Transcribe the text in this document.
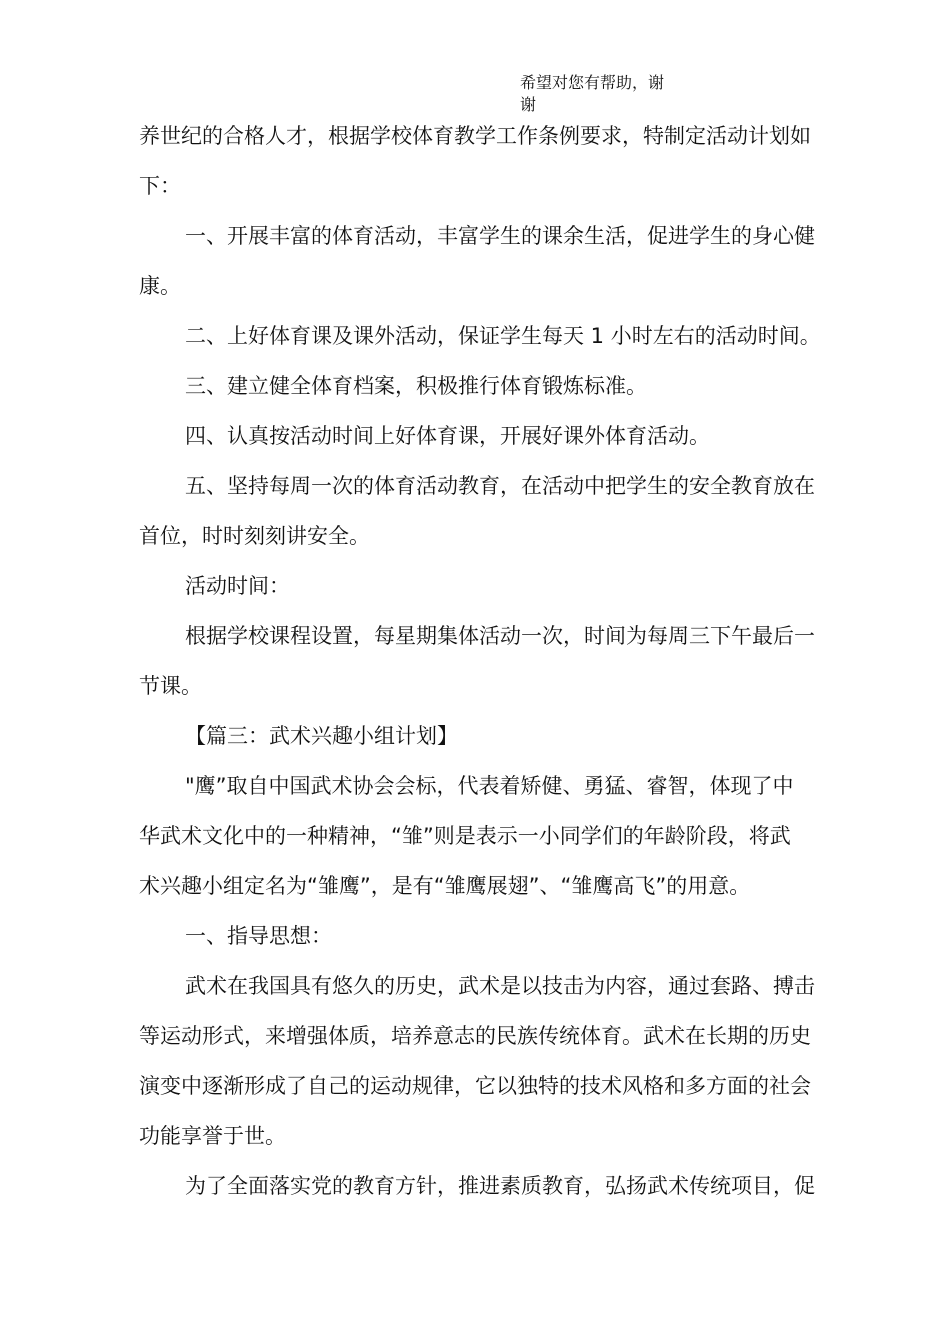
希望对您有帮助，谢
谢
养世纪的合格人才，根据学校体育教学工作条例要求，特制定活动计划如
下：
一、开展丰富的体育活动，丰富学生的课余生活，促进学生的身心健
康。
二、上好体育课及课外活动，保证学生每天 1 小时左右的活动时间。
三、建立健全体育档案，积极推行体育锻炼标准。
四、认真按活动时间上好体育课，开展好课外体育活动。
五、坚持每周一次的体育活动教育，在活动中把学生的安全教育放在
首位，时时刻刻讲安全。
活动时间：
根据学校课程设置，每星期集体活动一次，时间为每周三下午最后一
节课。
【篇三：武术兴趣小组计划】
"鹰”取自中国武术协会会标，代表着矫健、勇猛、睿智，体现了中
华武术文化中的一种精神，“雏”则是表示一小同学们的年龄阶段，将武
术兴趣小组定名为“雏鹰”，是有“雏鹰展翅”、“雏鹰高飞”的用意。
一、指导思想：
武术在我国具有悠久的历史，武术是以技击为内容，通过套路、搏击
等运动形式，来增强体质，培养意志的民族传统体育。武术在长期的历史
演变中逐渐形成了自己的运动规律，它以独特的技术风格和多方面的社会
功能享誉于世。
为了全面落实党的教育方针，推进素质教育，弘扬武术传统项目，促
